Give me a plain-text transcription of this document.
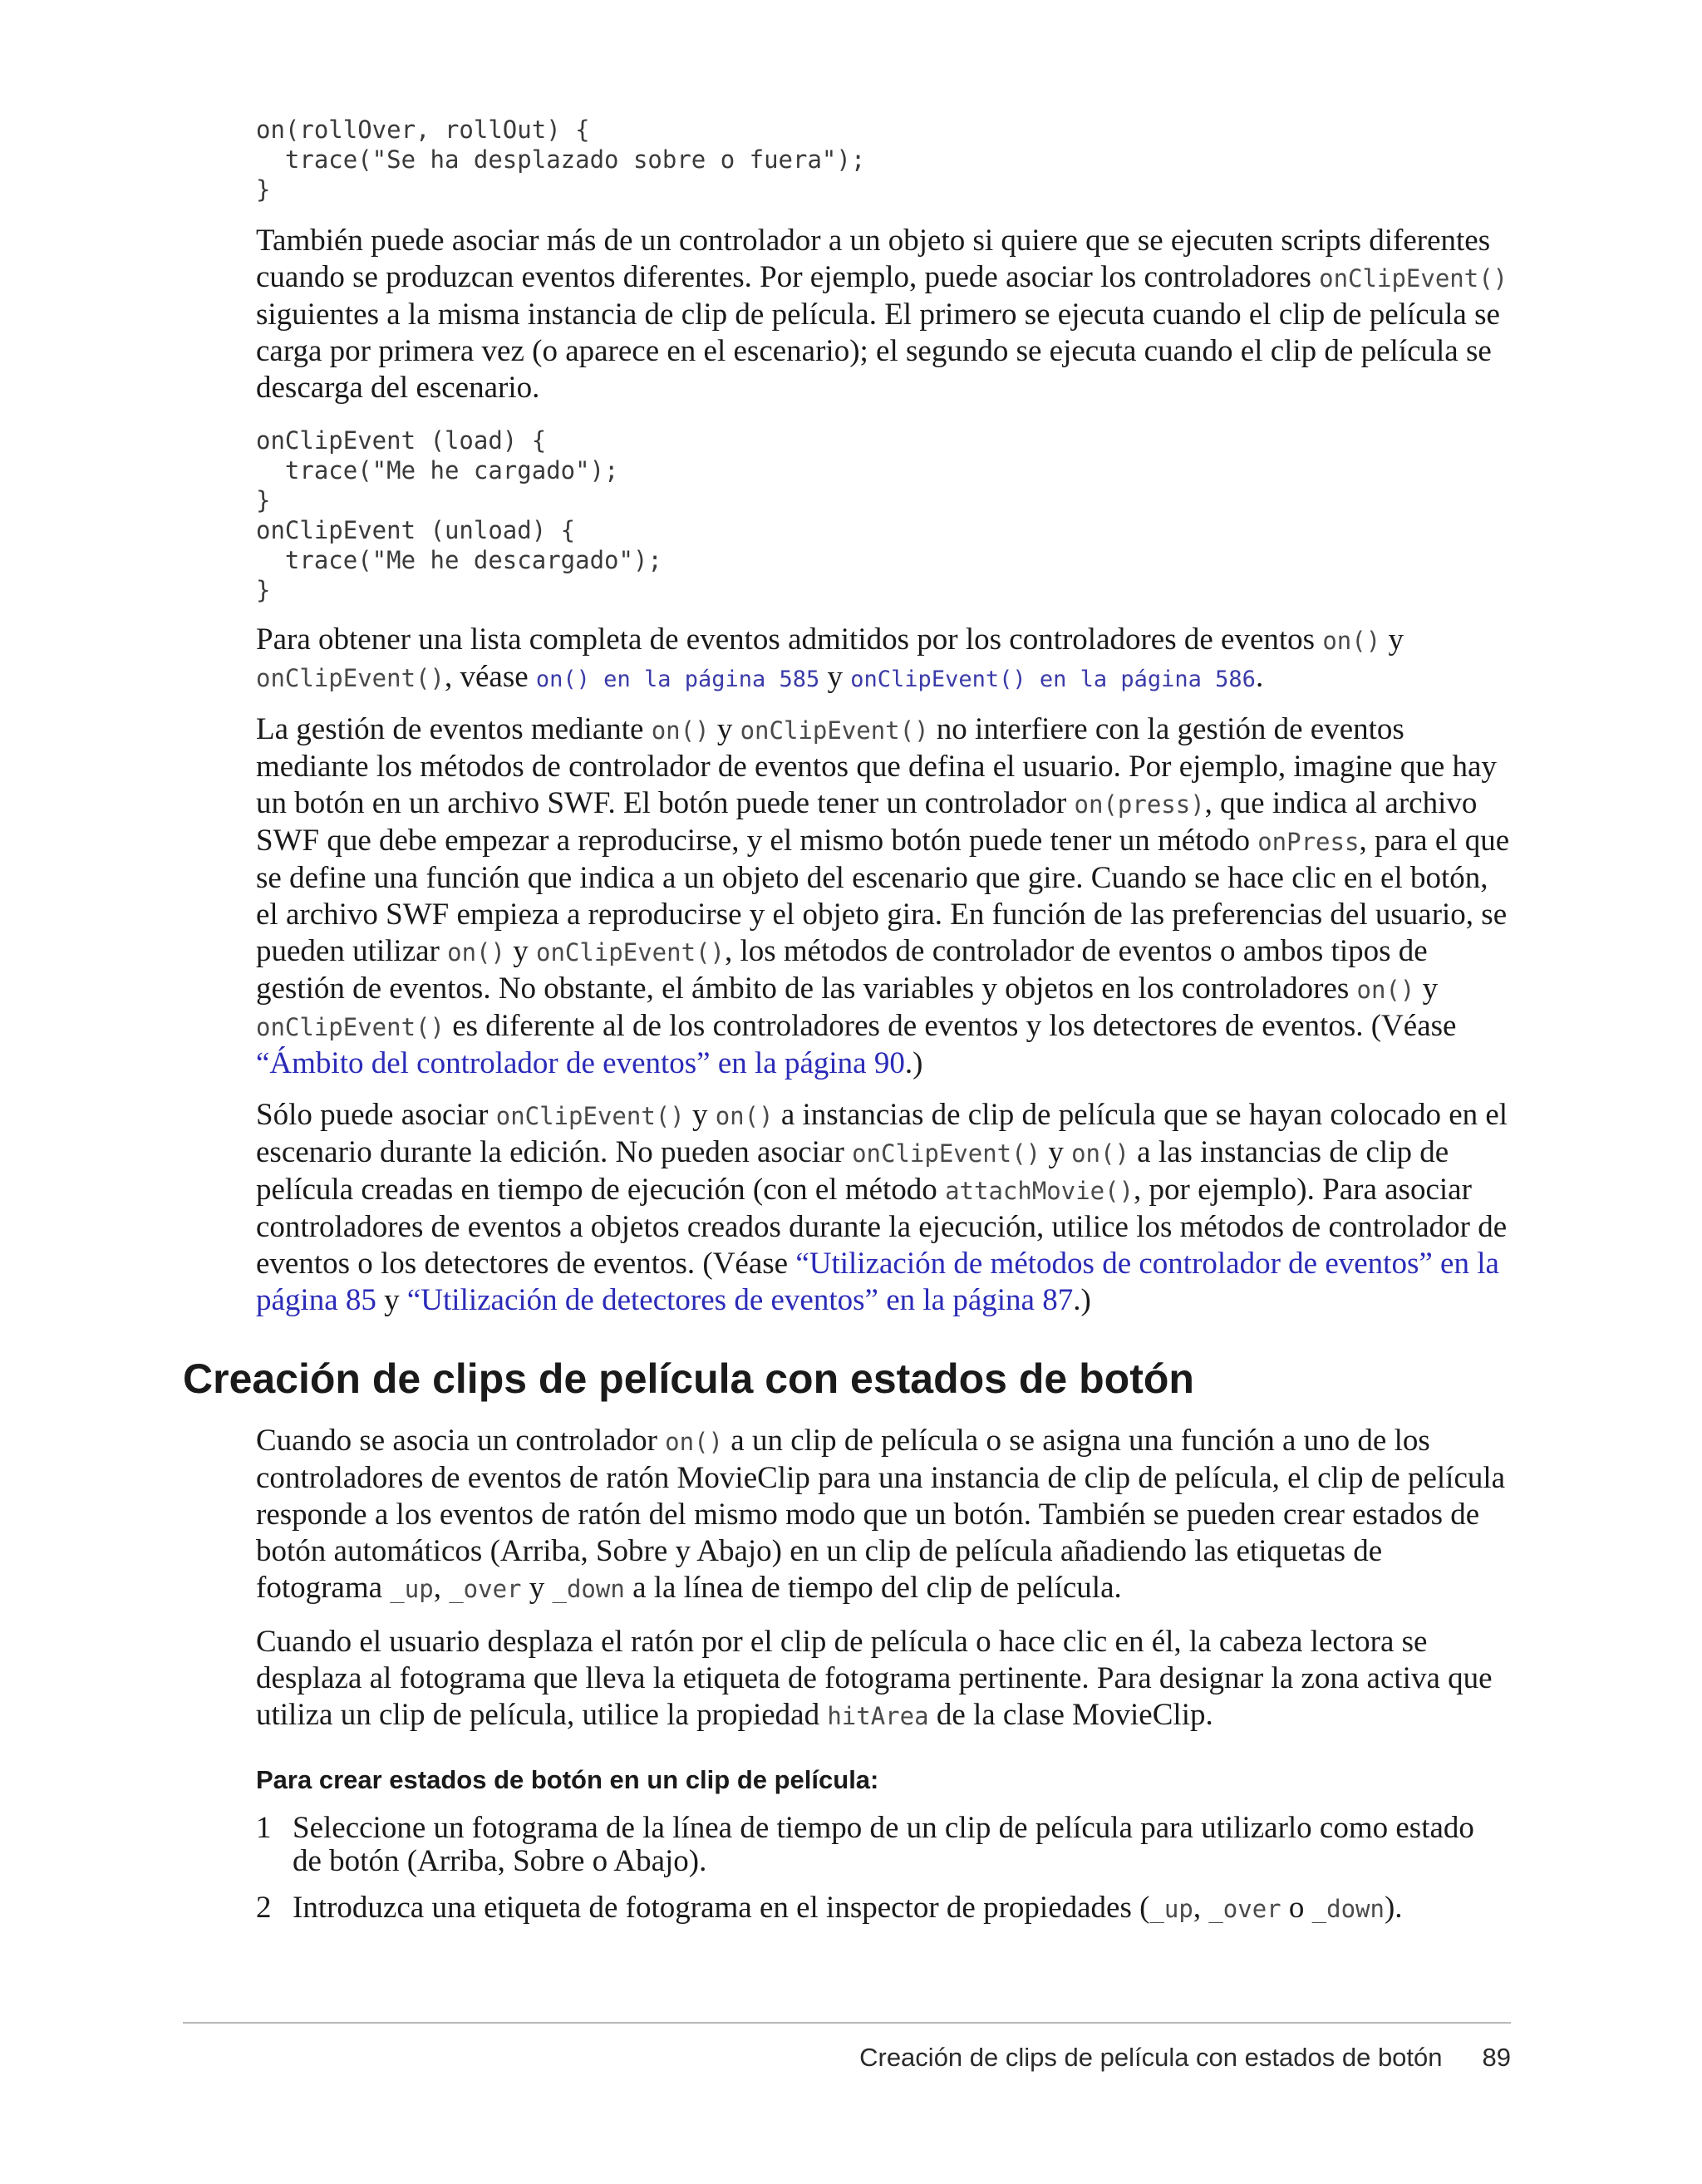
on(rollOver, rollOut) {
trace("Se ha desplazado sobre o fuera");
}

También puede asociar más de un controlador a un objeto si quiere que se ejecuten scripts diferentes cuando se produzcan eventos diferentes. Por ejemplo, puede asociar los controladores onClipEvent() siguientes a la misma instancia de clip de película. El primero se ejecuta cuando el clip de película se carga por primera vez (o aparece en el escenario); el segundo se ejecuta cuando el clip de película se descarga del escenario.

onClipEvent (load) {
trace("Me he cargado");
}
onClipEvent (unload) {
trace("Me he descargado");
}

Para obtener una lista completa de eventos admitidos por los controladores de eventos on() y onClipEvent(), véase on() en la página 585 y onClipEvent() en la página 586.

La gestión de eventos mediante on() y onClipEvent() no interfiere con la gestión de eventos mediante los métodos de controlador de eventos que defina el usuario. Por ejemplo, imagine que hay un botón en un archivo SWF. El botón puede tener un controlador on(press), que indica al archivo SWF que debe empezar a reproducirse, y el mismo botón puede tener un método onPress, para el que se define una función que indica a un objeto del escenario que gire. Cuando se hace clic en el botón, el archivo SWF empieza a reproducirse y el objeto gira. En función de las preferencias del usuario, se pueden utilizar on() y onClipEvent(), los métodos de controlador de eventos o ambos tipos de gestión de eventos. No obstante, el ámbito de las variables y objetos en los controladores on() y onClipEvent() es diferente al de los controladores de eventos y los detectores de eventos. (Véase “Ámbito del controlador de eventos” en la página 90.)

Sólo puede asociar onClipEvent() y on() a instancias de clip de película que se hayan colocado en el escenario durante la edición. No pueden asociar onClipEvent() y on() a las instancias de clip de película creadas en tiempo de ejecución (con el método attachMovie(), por ejemplo). Para asociar controladores de eventos a objetos creados durante la ejecución, utilice los métodos de controlador de eventos o los detectores de eventos. (Véase “Utilización de métodos de controlador de eventos” en la página 85 y “Utilización de detectores de eventos” en la página 87.)

Creación de clips de película con estados de botón

Cuando se asocia un controlador on() a un clip de película o se asigna una función a uno de los controladores de eventos de ratón MovieClip para una instancia de clip de película, el clip de película responde a los eventos de ratón del mismo modo que un botón. También se pueden crear estados de botón automáticos (Arriba, Sobre y Abajo) en un clip de película añadiendo las etiquetas de fotograma _up, _over y _down a la línea de tiempo del clip de película.

Cuando el usuario desplaza el ratón por el clip de película o hace clic en él, la cabeza lectora se desplaza al fotograma que lleva la etiqueta de fotograma pertinente. Para designar la zona activa que utiliza un clip de película, utilice la propiedad hitArea de la clase MovieClip.

Para crear estados de botón en un clip de película:
1 Seleccione un fotograma de la línea de tiempo de un clip de película para utilizarlo como estado de botón (Arriba, Sobre o Abajo).
2 Introduzca una etiqueta de fotograma en el inspector de propiedades (_up, _over o _down).
Creación de clips de película con estados de botón 89
